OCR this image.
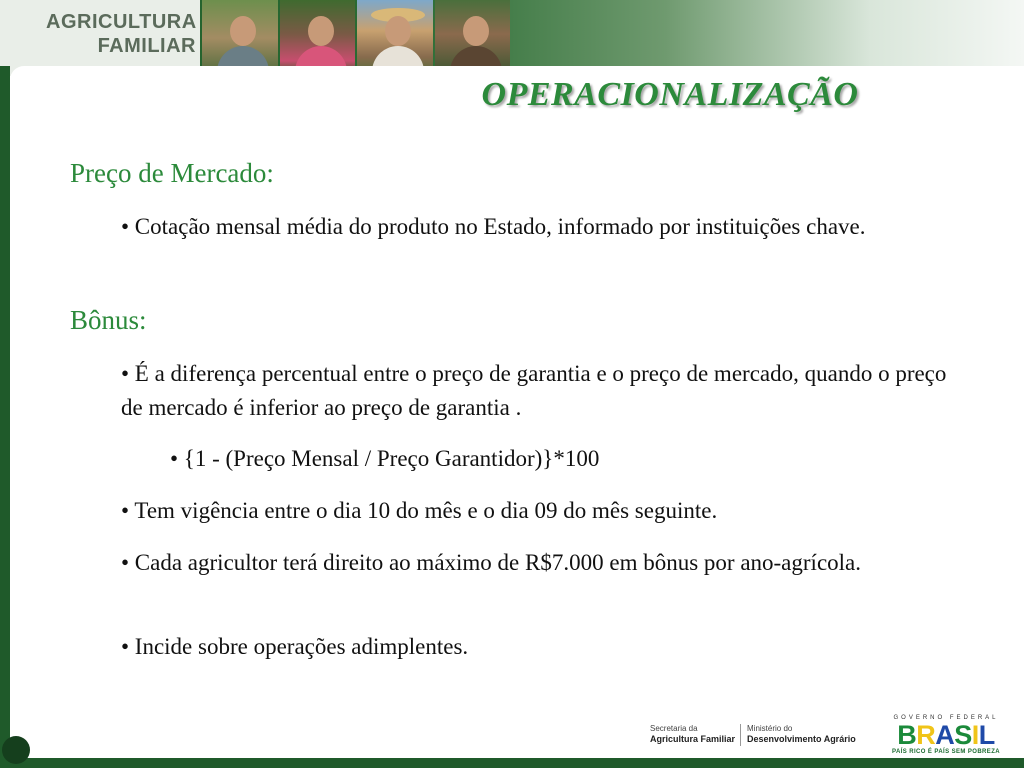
AGRICULTURA
FAMILIAR
OPERACIONALIZAÇÃO

Preço de Mercado:

• Cotação mensal média do produto no Estado, informado por instituições chave.

Bônus:

• É a diferença percentual entre o preço de garantia e o preço de mercado, quando o preço de mercado é inferior ao preço de garantia .

• {1 - (Preço Mensal / Preço Garantidor)}*100

• Tem vigência entre o dia 10 do mês e o dia 09 do mês seguinte.

• Cada agricultor terá direito ao máximo de R$7.000 em bônus por ano-agrícola.

• Incide sobre operações adimplentes.

Secretaria da
Agricultura Familiar
Ministério do
Desenvolvimento Agrário
GOVERNO FEDERAL
BRASIL
PAÍS RICO É PAÍS SEM POBREZA
